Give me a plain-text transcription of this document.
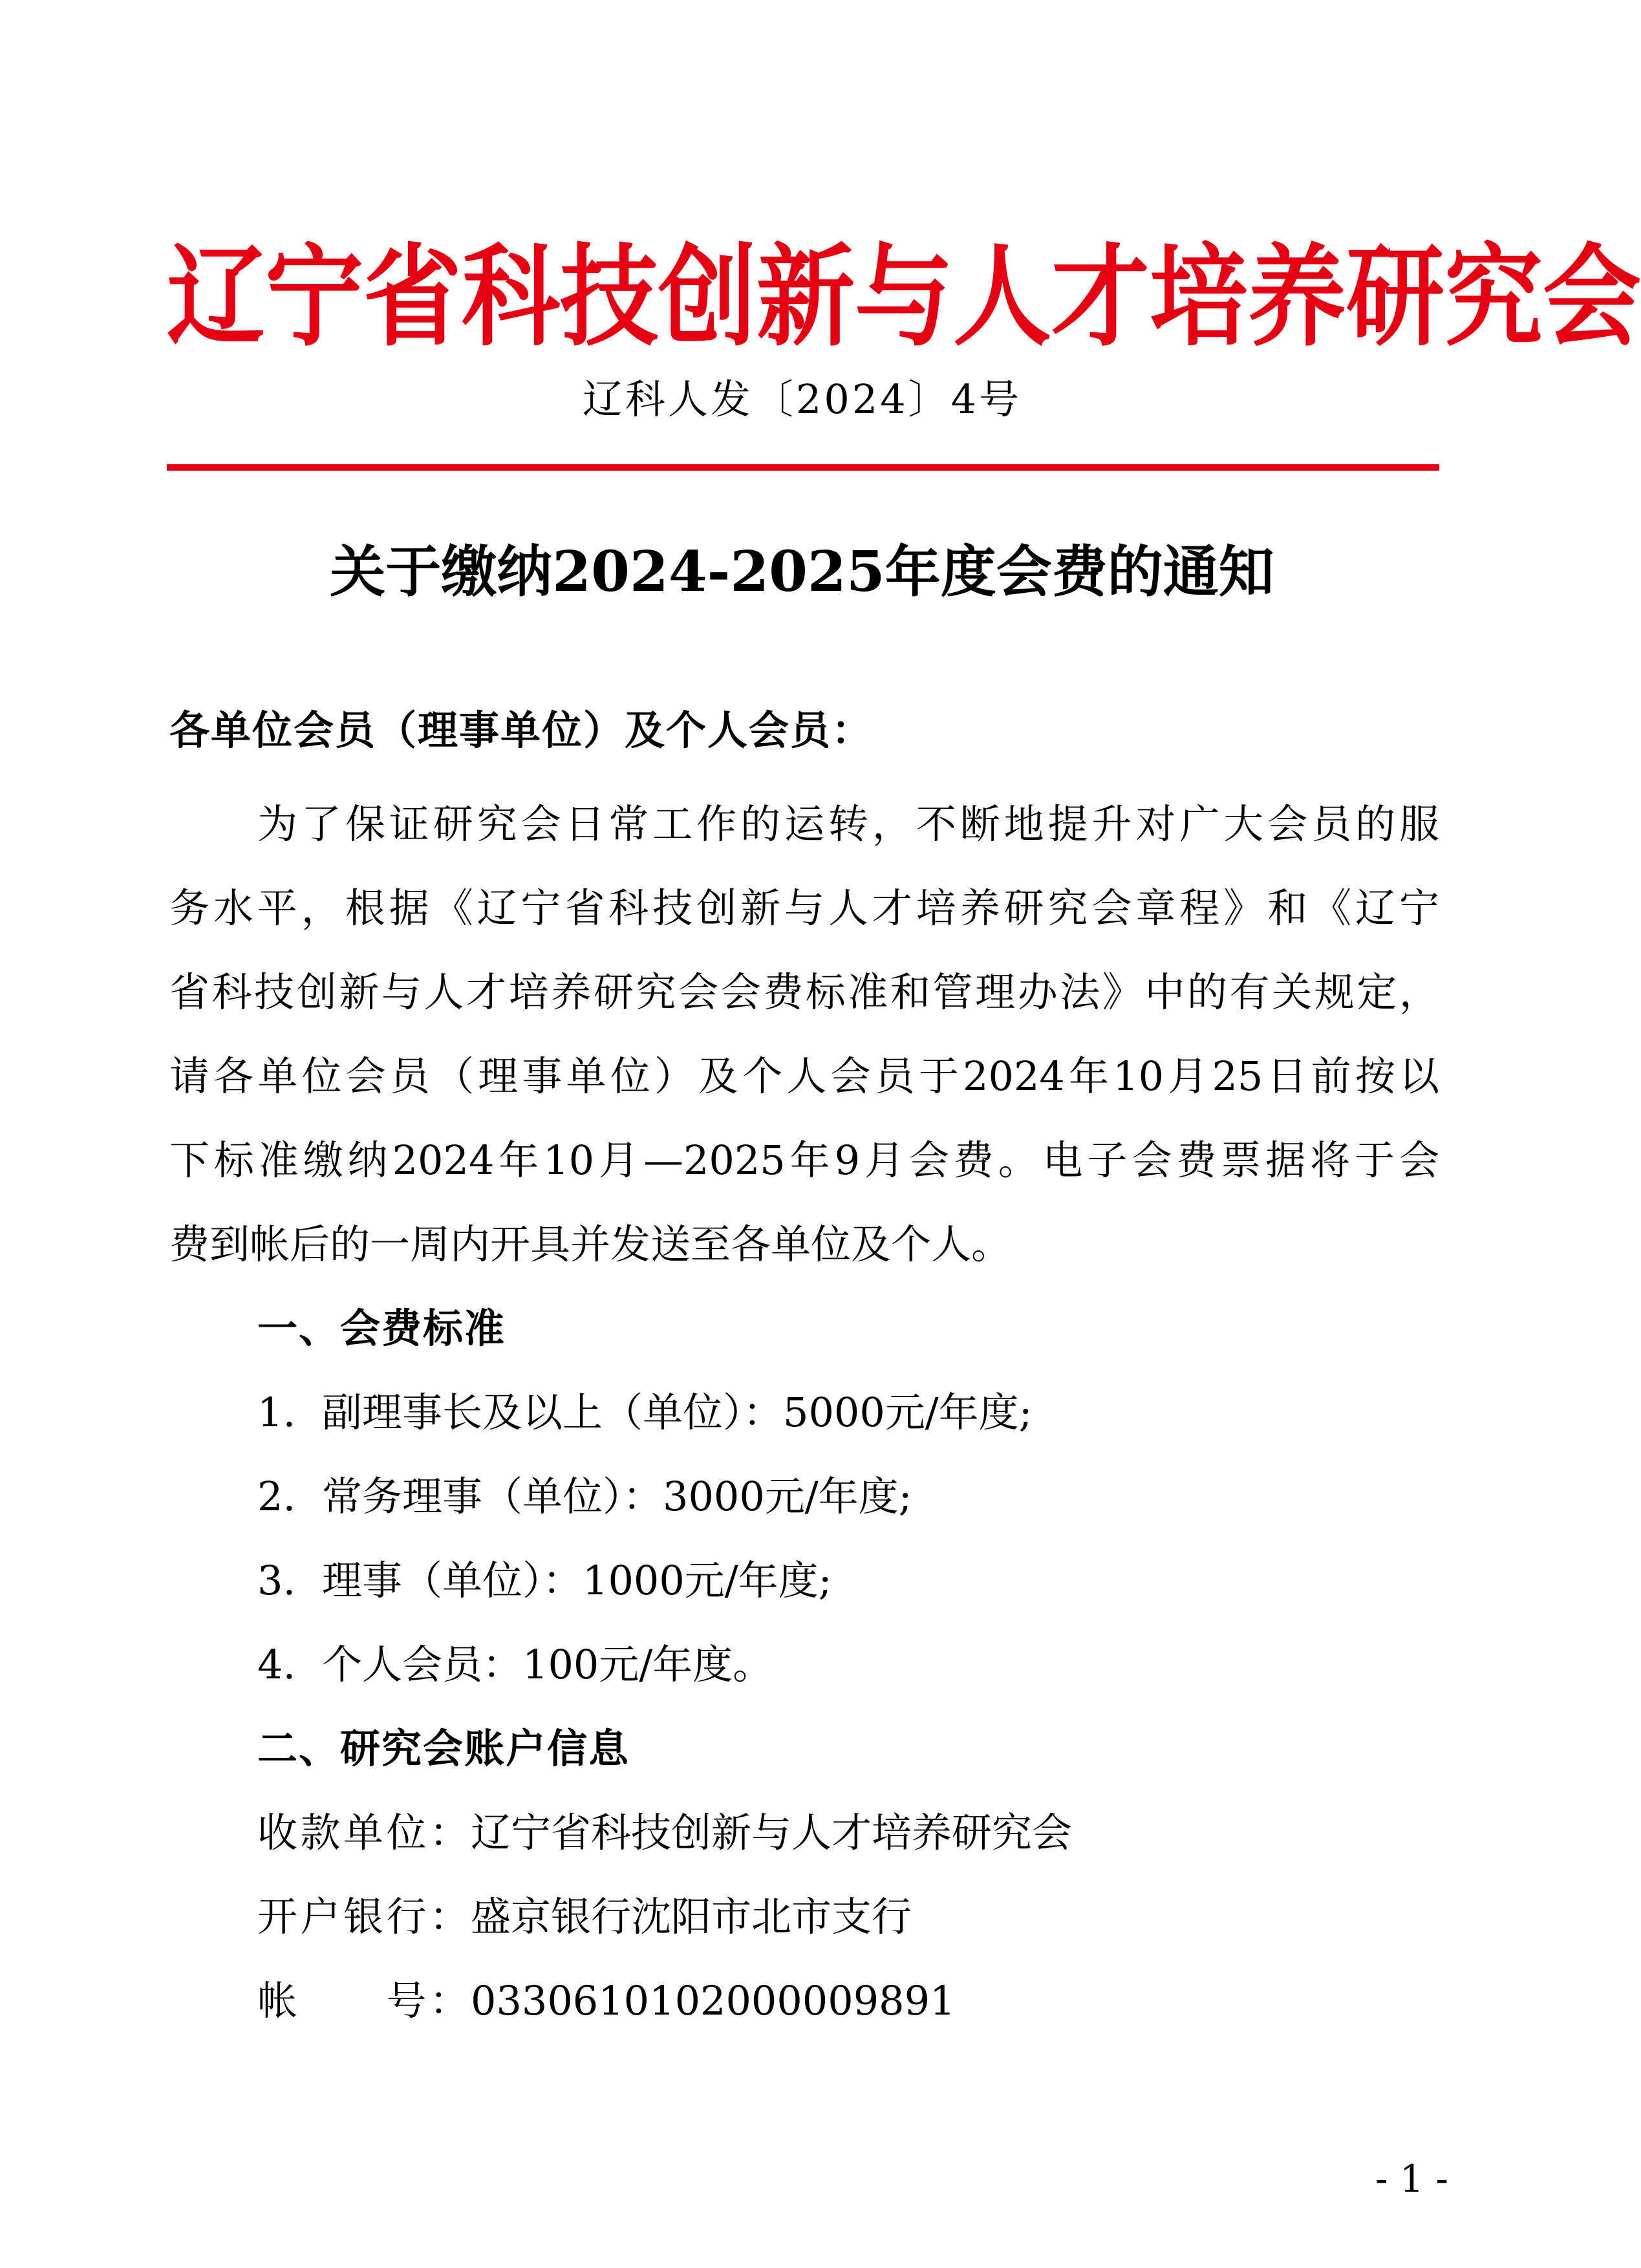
辽 宁 省 科 技 创 新 与 人 才 培 养 研 究 会
辽科人发〔2024〕4号
关于缴纳2024-2025年度会费的通知
各单位会员（理事单位）及个人会员：
为了保证研究会日常工作的运转，不断地提升对广大会员的服
务水平，根据《辽宁省科技创新与人才培养研究会章程》和《辽宁
省科技创新与人才培养研究会会费标准和管理办法》中的有关规定，
请各单位会员（理事单位）及个人会员于2024年10月25日前按以
下标准缴纳2024年10月—2025年9月会费。电子会费票据将于会
费到帐后的一周内开具并发送至各单位及个人。
一、会费标准
1. 副理事长及以上（单位）：5000元/年度;
2. 常务理事（单位）：3000元/年度;
3. 理事（单位）：1000元/年度;
4. 个人会员：100元/年度。
二、研究会账户信息
收款单位：辽宁省科技创新与人才培养研究会
开户银行：盛京银行沈阳市北市支行
帐　　号：0330610102000009891
- 1 -
